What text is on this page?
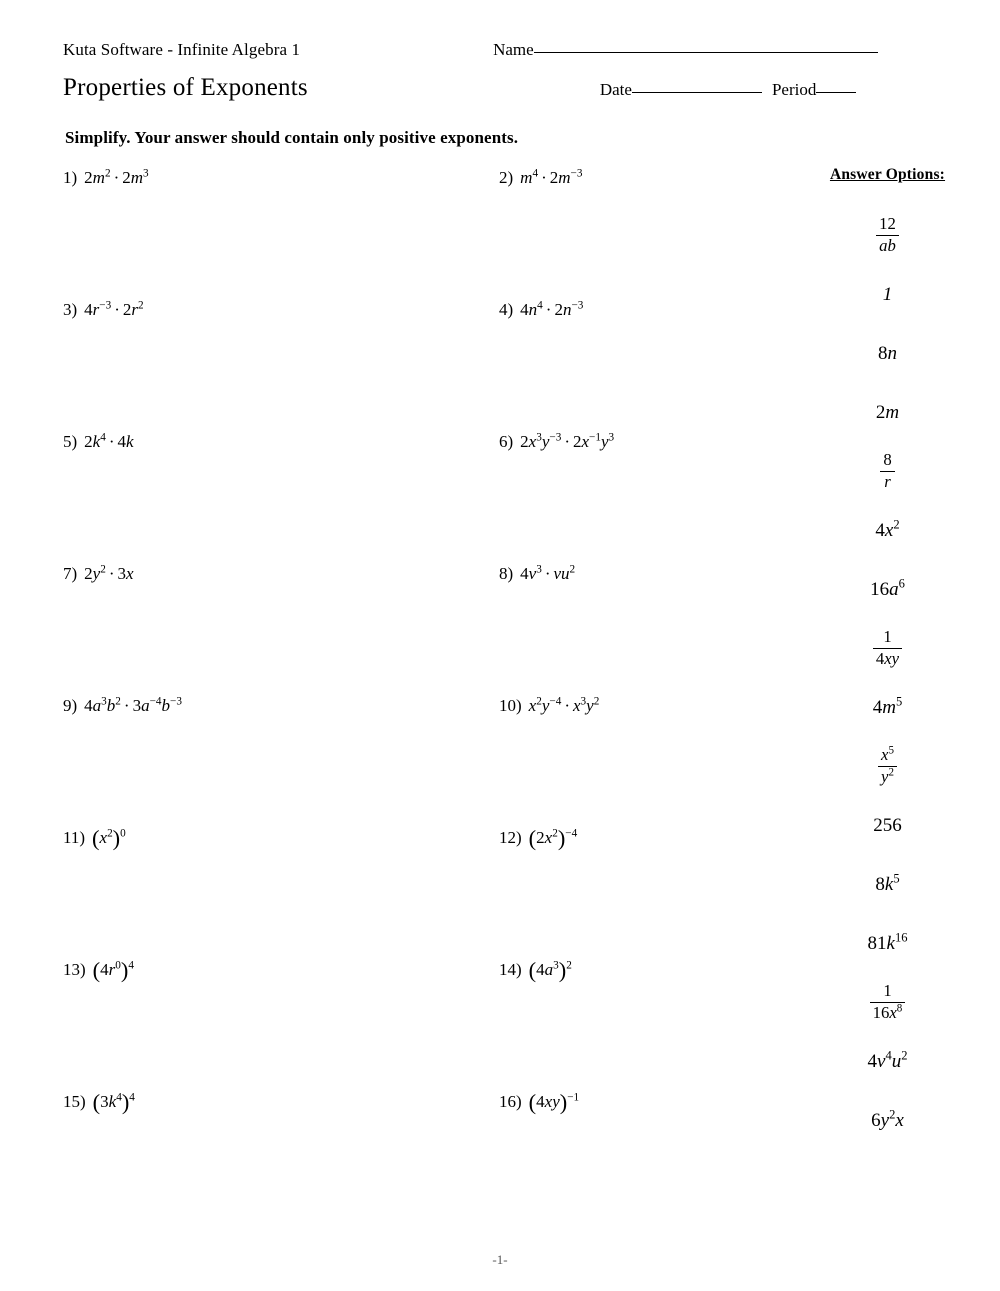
Kuta Software - Infinite Algebra 1	Name
Properties of Exponents	Date	Period
Simplify. Your answer should contain only positive exponents.
1) $2m^2 \cdot 2m^3$	2) $m^4 \cdot 2m^{-3}$
3) $4r^{-3} \cdot 2r^2$	4) $4n^4 \cdot 2n^{-3}$
5) $2k^4 \cdot 4k$	6) $2x^3y^{-3} \cdot 2x^{-1}y^3$
7) $2y^2 \cdot 3x$	8) $4v^3 \cdot vu^2$
9) $4a^3b^2 \cdot 3a^{-4}b^{-3}$	10) $x^2y^{-4} \cdot x^3y^2$
11) $(x^2)^0$	12) $(2x^2)^{-4}$
13) $(4r^0)^4$	14) $(4a^3)^2$
15) $(3k^4)^4$	16) $(4xy)^{-1}$
Answer Options:
$\frac{12}{ab}$
1
8n
2m
$\frac{8}{r}$
$4x^2$
$16a^6$
$\frac{1}{4xy}$
$4m^5$
$\frac{x^5}{y^2}$
256
$8k^5$
$81k^{16}$
$\frac{1}{16x^8}$
$4v^4u^2$
$6y^2x$
-1-
